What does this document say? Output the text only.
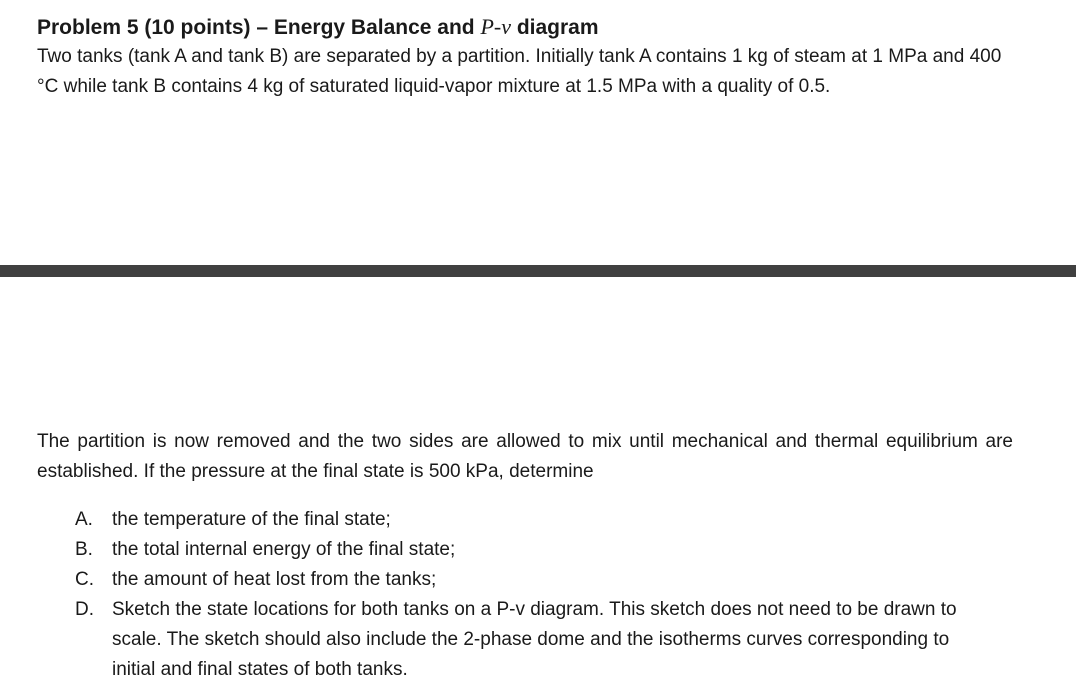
Problem 5 (10 points) – Energy Balance and P-v diagram

Two tanks (tank A and tank B) are separated by a partition. Initially tank A contains 1 kg of steam at 1 MPa and 400 °C while tank B contains 4 kg of saturated liquid-vapor mixture at 1.5 MPa with a quality of 0.5.

The partition is now removed and the two sides are allowed to mix until mechanical and thermal equilibrium are established. If the pressure at the final state is 500 kPa, determine

A.	the temperature of the final state;
B.	the total internal energy of the final state;
C. the amount of heat lost from the tanks;
D. Sketch the state locations for both tanks on a P-v diagram. This sketch does not need to be drawn to scale. The sketch should also include the 2-phase dome and the isotherms curves corresponding to initial and final states of both tanks.
